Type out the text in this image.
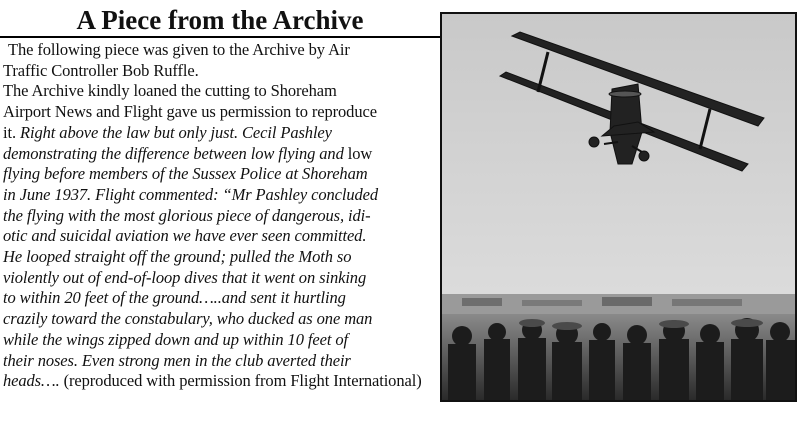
A Piece from the Archive
The following piece was given to the Archive by Air
Traffic Controller Bob Ruffle.
The Archive kindly loaned the cutting to Shoreham
Airport News and Flight gave us permission to reproduce
it. Right above the law but only just. Cecil Pashley
demonstrating the difference between low flying and low
flying before members of the Sussex Police at Shoreham
in June 1937. Flight commented: “Mr Pashley concluded
the flying with the most glorious piece of dangerous, idi-
otic and suicidal aviation we have ever seen committed.
He looped straight off the ground; pulled the Moth so
violently out of end-of-loop dives that it went on sinking
to within 20 feet of the ground…..and sent it hurtling
crazily toward the constabulary, who ducked as one man
while the wings zipped down and up within 10 feet of
their noses. Even strong men in the club averted their
heads…. (reproduced with permission from Flight International)
